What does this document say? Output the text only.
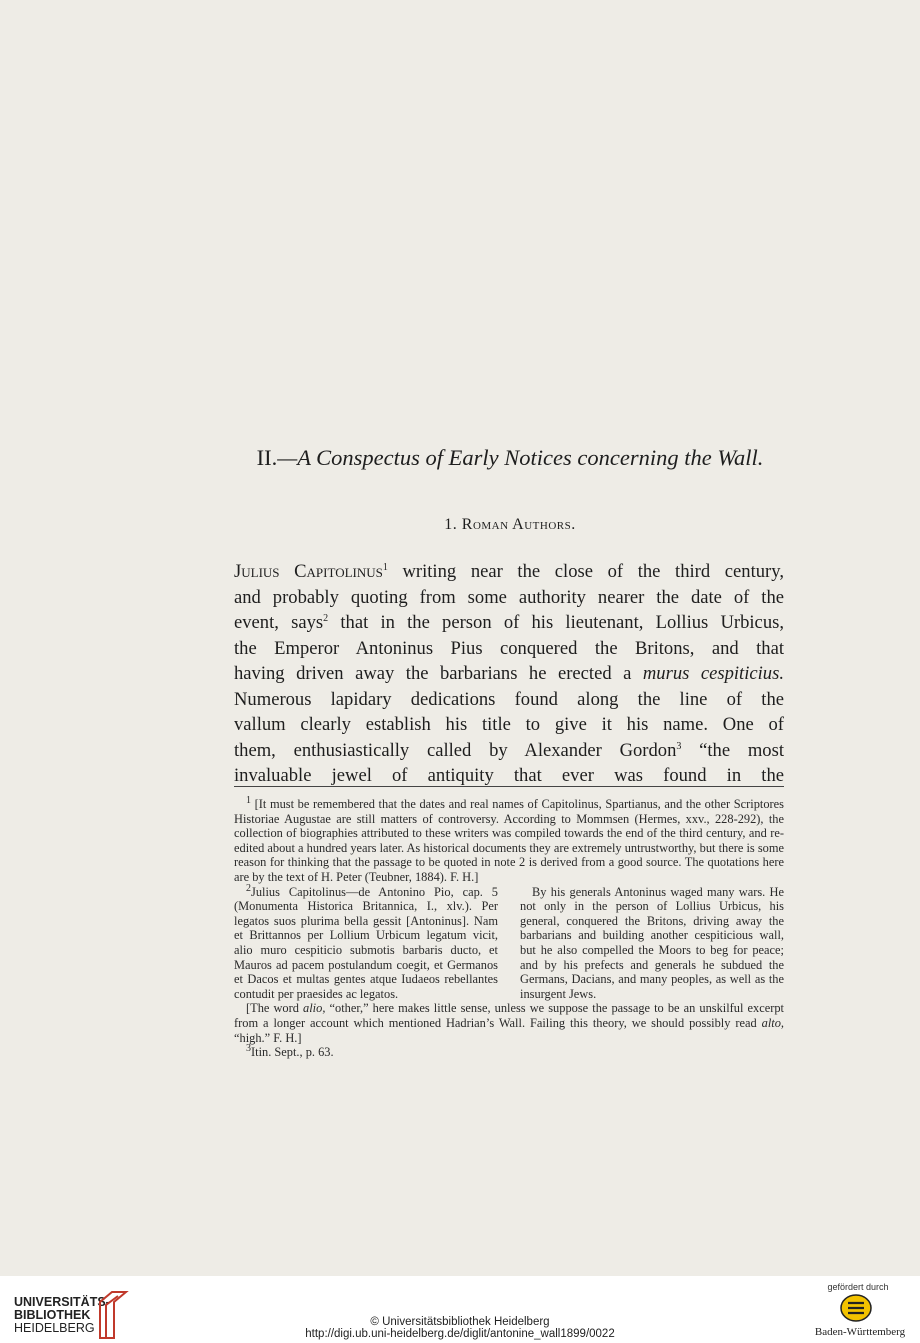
II.—A Conspectus of Early Notices concerning the Wall.
1. Roman Authors.
Julius Capitolinus$^1$ writing near the close of the third century,
and probably quoting from some authority nearer the date of the
event, says$^2$ that in the person of his lieutenant, Lollius Urbicus,
the Emperor Antoninus Pius conquered the Britons, and that
having driven away the barbarians he erected a murus cespiticius.
Numerous lapidary dedications found along the line of the
vallum clearly establish his title to give it his name. One of
them, enthusiastically called by Alexander Gordon$^3$ “the most
invaluable jewel of antiquity that ever was found in the

$^1$ [It must be remembered that the dates and real names of Capitolinus, Spartianus, and the other Scriptores Historiae Augustae are still matters of controversy. According to Mommsen (Hermes, xxv., 228-292), the collection of biographies attributed to these writers was compiled towards the end of the third century, and re-edited about a hundred years later. As historical documents they are extremely untrustworthy, but there is some reason for thinking that the passage to be quoted in note 2 is derived from a good source. The quotations here are by the text of H. Peter (Teubner, 1884). F. H.]

$^2$Julius Capitolinus—de Antonino Pio, cap. 5 (Monumenta Historica Britannica, I., xlv.). Per legatos suos plurima bella gessit [Antoninus]. Nam et Brittannos per Lollium Urbicum legatum vicit, alio muro cespiticio submotis barbaris ducto, et Mauros ad pacem postulandum coegit, et Germanos et Dacos et multas gentes atque Iudaeos rebellantes contudit per praesides ac legatos.

By his generals Antoninus waged many wars. He not only in the person of Lollius Urbicus, his general, conquered the Britons, driving away the barbarians and building another cespiticious wall, but he also compelled the Moors to beg for peace; and by his prefects and generals he subdued the Germans, Dacians, and many peoples, as well as the insurgent Jews.

[The word alio, “other,” here makes little sense, unless we suppose the passage to be an unskilful excerpt from a longer account which mentioned Hadrian’s Wall. Failing this theory, we should possibly read alto, “high.” F. H.]

$^3$Itin. Sept., p. 63.

UNIVERSITÄTS-
BIBLIOTHEK
HEIDELBERG	© Universitätsbibliothek Heidelberg
http://digi.ub.uni-heidelberg.de/diglit/antonine_wall1899/0022
gefördert durch
Baden-Württemberg
